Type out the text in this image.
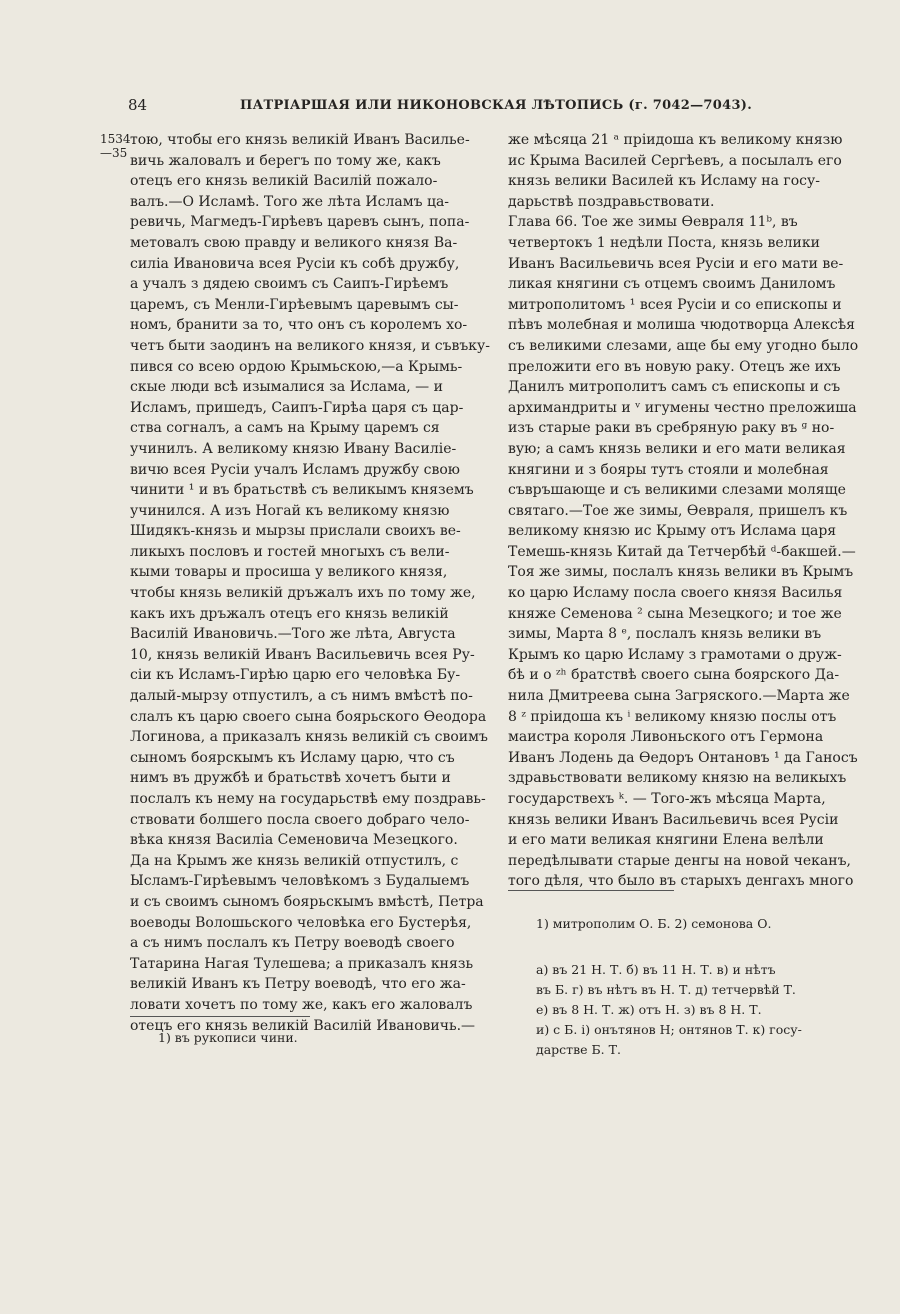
84	ПАТРІАРШАЯ ИЛИ НИКОНОВСКАЯ ЛѢТОПИСЬ (г. 7042—7043).
1534
—35
тою, чтобы его князь великій Иванъ Василье-
вичь жаловалъ и берегъ по тому же, какъ
отецъ его князь великій Василій пожало-
валъ.—О Исламѣ. Того же лѣта Исламъ ца-
ревичь, Магмедъ-Гирѣевъ царевъ сынъ, попа-
метовалъ свою правду и великого князя Ва-
силіа Ивановича всея Русіи къ собѣ дружбу,
а учалъ з дядею своимъ съ Саипъ-Гирѣемъ
царемъ, съ Менли-Гирѣевымъ царевымъ сы-
номъ, бранити за то, что онъ съ королемъ хо-
четъ быти заодинъ на великого князя, и съвъку-
пився со всею ордою Крымьскою,—а Крымь-
скые люди всѣ изымалися за Ислама, — и
Исламъ, пришедъ, Саипъ-Гирѣа царя съ цар-
ства согналъ, а самъ на Крыму царемъ ся
учинилъ. А великому князю Ивану Василіе-
вичю всея Русіи учалъ Исламъ дружбу свою
чинити ¹ и въ братьствѣ съ великымъ княземъ
учинился. А изъ Ногай къ великому князю
Шидякъ-князь и мырзы прислали своихъ ве-
ликыхъ пословъ и гостей многыхъ съ вели-
кыми товары и просиша у великого князя,
чтобы князь великій дръжалъ ихъ по тому же,
какъ ихъ дръжалъ отецъ его князь великій
Василій Ивановичь.—Того же лѣта, Августа
10, князь великій Иванъ Васильевичь всея Ру-
сіи къ Исламъ-Гирѣю царю его человѣка Бу-
далый-мырзу отпустилъ, а съ нимъ вмѣстѣ по-
слалъ къ царю своего сына боярьского Ѳеодора
Логинова, а приказалъ князь великій съ своимъ
сыномъ боярскымъ къ Исламу царю, что съ
нимъ въ дружбѣ и братьствѣ хочетъ быти и
послалъ къ нему на государьствѣ ему поздравь-
ствовати болшего посла своего добраго чело-
вѣка князя Василіа Семеновича Мезецкого.
Да на Крымъ же князь великій отпустилъ, с
Ысламъ-Гирѣевымъ человѣкомъ з Будалыемъ
и съ своимъ сыномъ боярьскымъ вмѣстѣ, Петра
воеводы Волошьского человѣка его Бустерѣя,
а съ нимъ послалъ къ Петру воеводѣ своего
Татарина Нагая Тулешева; а приказалъ князь
великій Иванъ къ Петру воеводѣ, что его жа-
ловати хочетъ по тому же, какъ его жаловалъ
отецъ его князь великій Василій Ивановичь.—
же мѣсяца 21 ᵃ пріидоша къ великому князю
ис Крыма Василей Сергѣевъ, а посылалъ его
князь велики Василей къ Исламу на госу-
дарьствѣ поздравьствовати.
Глава 66. Тое же зимы Ѳевраля 11ᵇ, въ
четвертокъ 1 недѣли Поста, князь велики
Иванъ Васильевичь всея Русіи и его мати ве-
ликая княгини съ отцемъ своимъ Даниломъ
митрополитомъ ¹ всея Русіи и со епископы и
пѣвъ молебная и молиша чюдотворца Алексѣя
съ великими слезами, аще бы ему угодно было
преложити его въ новую раку. Отецъ же ихъ
Данилъ митрополитъ самъ съ епископы и съ
архимандриты и ᵛ игумены честно преложиша
изъ старые раки въ сребряную раку въ ᵍ но-
вую; а самъ князь велики и его мати великая
княгини и з бояры тутъ стояли и молебная
съвръшающе и съ великими слезами моляще
святаго.—Тое же зимы, Ѳевраля, пришелъ къ
великому князю ис Крыму отъ Ислама царя
Темешь-князь Китай да Тетчербѣй ᵈ-бакшей.—
Тоя же зимы, послалъ князь велики въ Крымъ
ко царю Исламу посла своего князя Василья
княже Семенова ² сына Мезецкого; и тое же
зимы, Марта 8 ᵉ, послалъ князь велики въ
Крымъ ко царю Исламу з грамотами о друж-
бѣ и о ᶻʰ братствѣ своего сына боярского Да-
нила Дмитреева сына Загряского.—Марта же
8 ᶻ пріидоша къ ⁱ великому князю послы отъ
маистра короля Ливоньского отъ Гермона
Иванъ Лодень да Ѳедоръ Онтановъ ¹ да Ганосъ
здравьствовати великому князю на великыхъ
государствехъ ᵏ. — Того-жъ мѣсяца Марта,
князь велики Иванъ Васильевичь всея Русіи
и его мати великая княгини Елена велѣли
передѣлывати старые денгы на новой чеканъ,
того дѣля, что было въ старыхъ денгахъ много
1) въ рукописи чини.
1) митрополим О. Б. 2) семонова О.
а) въ 21 Н. Т. б) въ 11 Н. Т. в) и нѣтъ
въ Б. г) въ нѣтъ въ Н. Т. д) тетчервѣй Т.
е) въ 8 Н. Т. ж) отъ Н. з) въ 8 Н. Т.
и) с Б. і) онътянов Н; онтянов Т. к) госу-
дарстве Б. Т.
